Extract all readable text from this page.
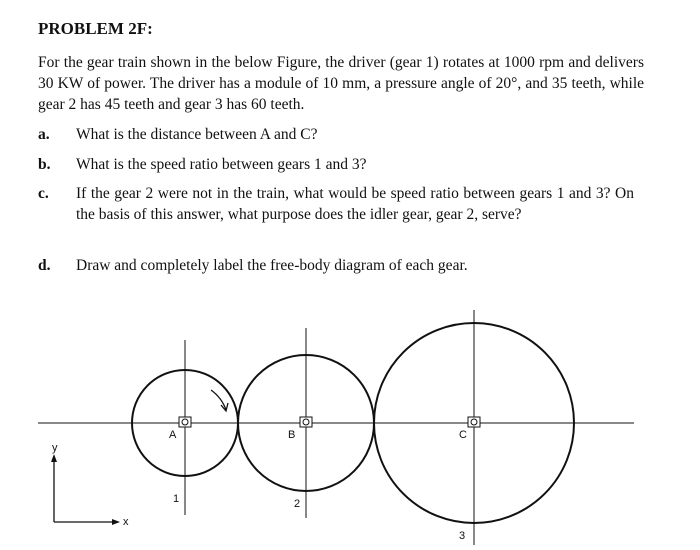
PROBLEM 2F:

For the gear train shown in the below Figure, the driver (gear 1) rotates at 1000 rpm and delivers 30 KW of power. The driver has a module of 10 mm, a pressure angle of 20°, and 35 teeth, while gear 2 has 45 teeth and gear 3 has 60 teeth.

a. What is the distance between A and C?
b. What is the speed ratio between gears 1 and 3?
c. If the gear 2 were not in the train, what would be speed ratio between gears 1 and 3? On the basis of this answer, what purpose does the idler gear, gear 2, serve?
d. Draw and completely label the free-body diagram of each gear.
A	B	C
1	2
3
y
x
